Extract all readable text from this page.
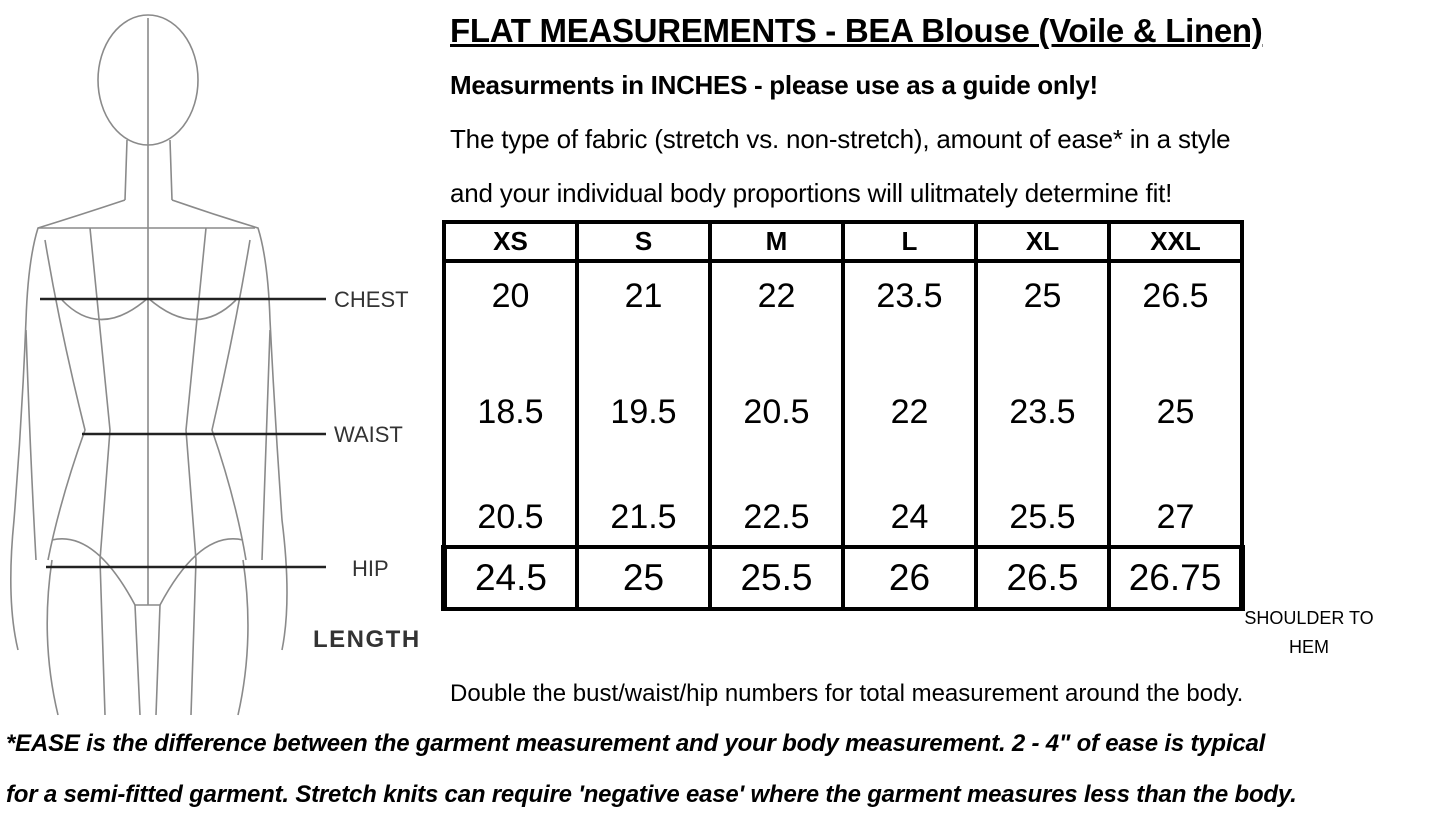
CHEST
WAIST
HIP
LENGTH
FLAT MEASUREMENTS - BEA Blouse (Voile & Linen)
Measurments in INCHES - please use as a guide only!
The type of fabric (stretch vs. non-stretch), amount of ease* in a style
and your individual body proportions will ulitmately determine fit!
XS	S	M	L	XL	XXL
20	21	22	23.5	25	26.5
18.5	19.5	20.5	22	23.5	25
20.5	21.5	22.5	24	25.5	27
24.5	25	25.5	26	26.5	26.75
SHOULDER TO
HEM
Double the bust/waist/hip numbers for total measurement around the body.
*EASE is the difference between the garment measurement and your body measurement. 2 - 4" of ease is typical
for a semi-fitted garment. Stretch knits can require 'negative ease' where the garment measures less than the body.
